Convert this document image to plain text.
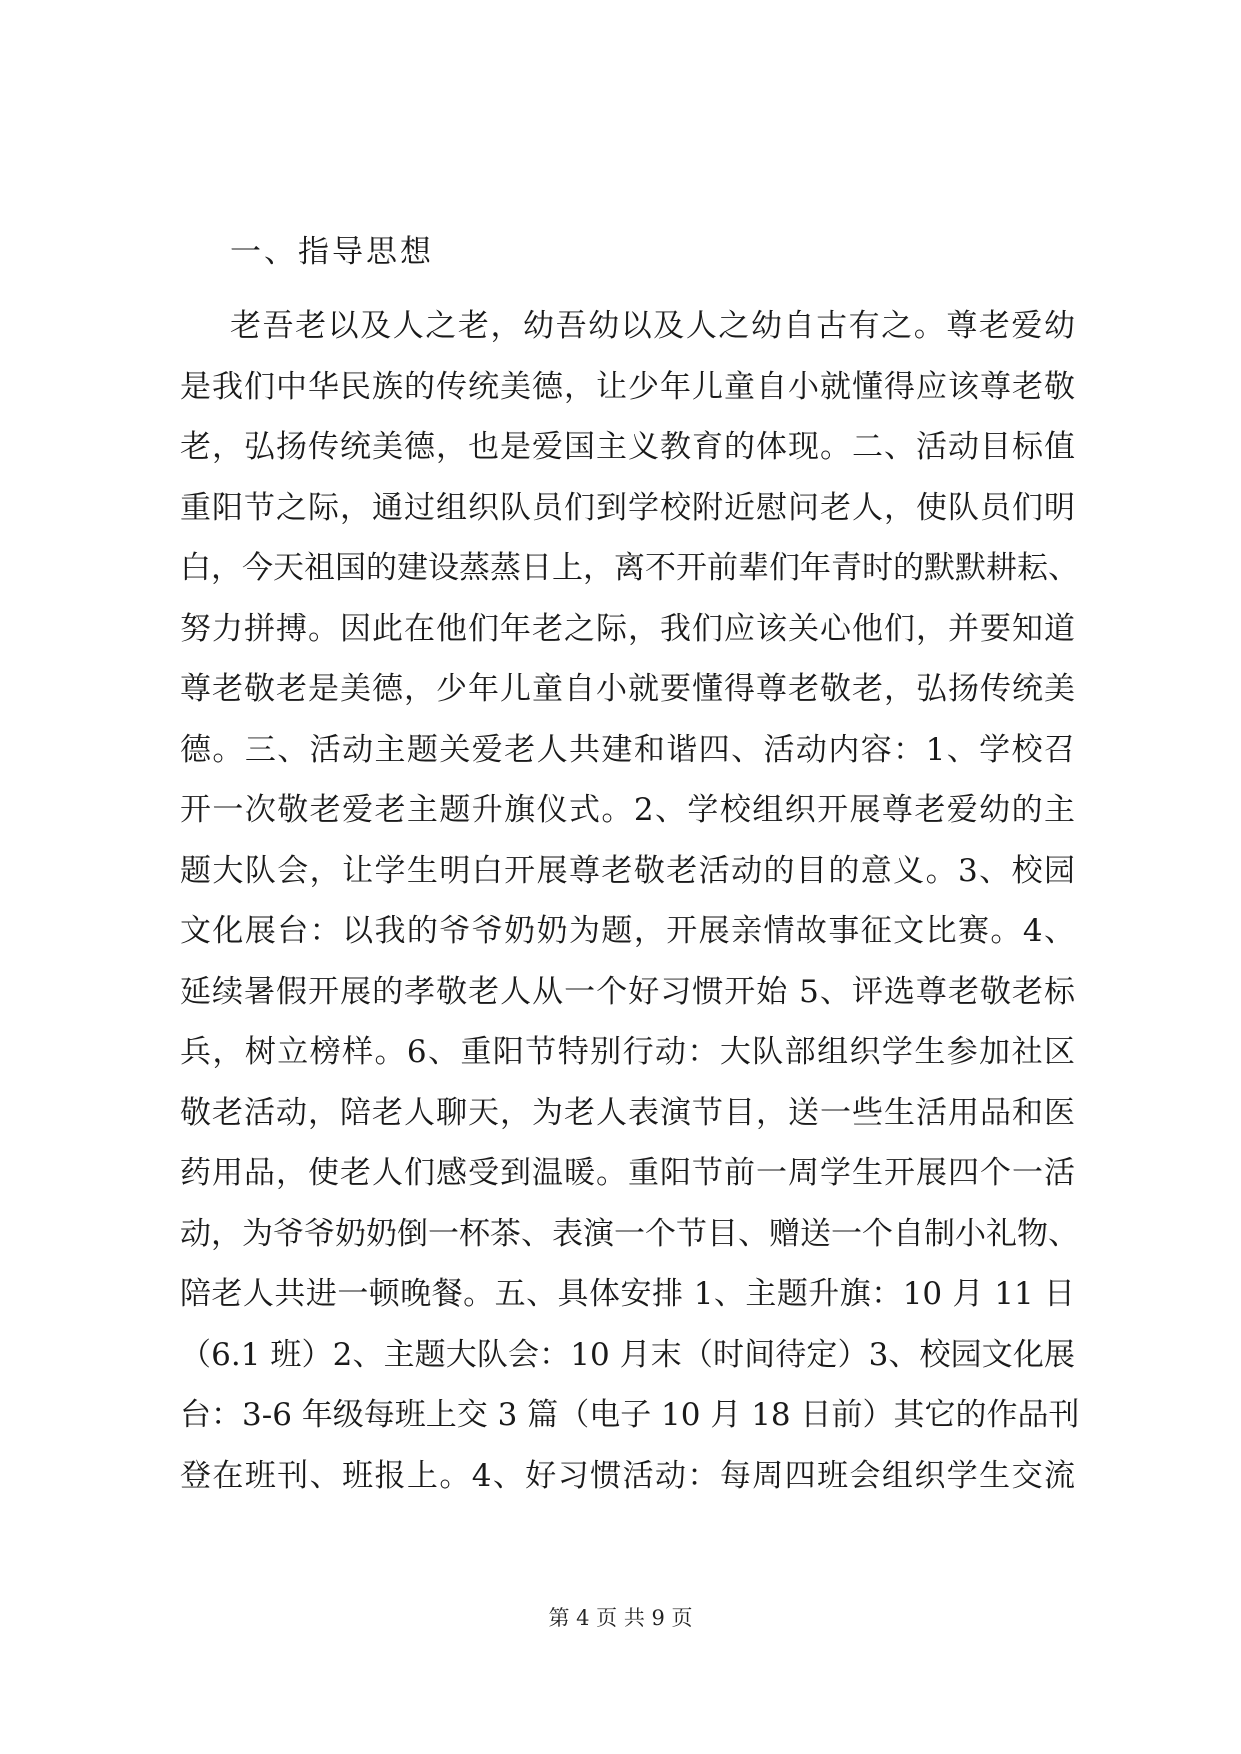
一、指导思想
老吾老以及人之老，幼吾幼以及人之幼自古有之。尊老爱幼
是我们中华民族的传统美德，让少年儿童自小就懂得应该尊老敬
老，弘扬传统美德，也是爱国主义教育的体现。二、活动目标值
重阳节之际，通过组织队员们到学校附近慰问老人，使队员们明
白，今天祖国的建设蒸蒸日上，离不开前辈们年青时的默默耕耘、
努力拼搏。因此在他们年老之际，我们应该关心他们，并要知道
尊老敬老是美德，少年儿童自小就要懂得尊老敬老，弘扬传统美
德。三、活动主题关爱老人共建和谐四、活动内容：1、学校召
开一次敬老爱老主题升旗仪式。2、学校组织开展尊老爱幼的主
题大队会，让学生明白开展尊老敬老活动的目的意义。3、校园
文化展台：以我的爷爷奶奶为题，开展亲情故事征文比赛。4、
延续暑假开展的孝敬老人从一个好习惯开始 5、评选尊老敬老标
兵，树立榜样。6、重阳节特别行动：大队部组织学生参加社区
敬老活动，陪老人聊天，为老人表演节目，送一些生活用品和医
药用品，使老人们感受到温暖。重阳节前一周学生开展四个一活
动，为爷爷奶奶倒一杯茶、表演一个节目、赠送一个自制小礼物、
陪老人共进一顿晚餐。五、具体安排 1、主题升旗：10 月 11 日
（6.1 班）2、主题大队会：10 月末（时间待定）3、校园文化展
台：3-6 年级每班上交 3 篇（电子 10 月 18 日前）其它的作品刊
登在班刊、班报上。4、好习惯活动：每周四班会组织学生交流
第 4 页 共 9 页
